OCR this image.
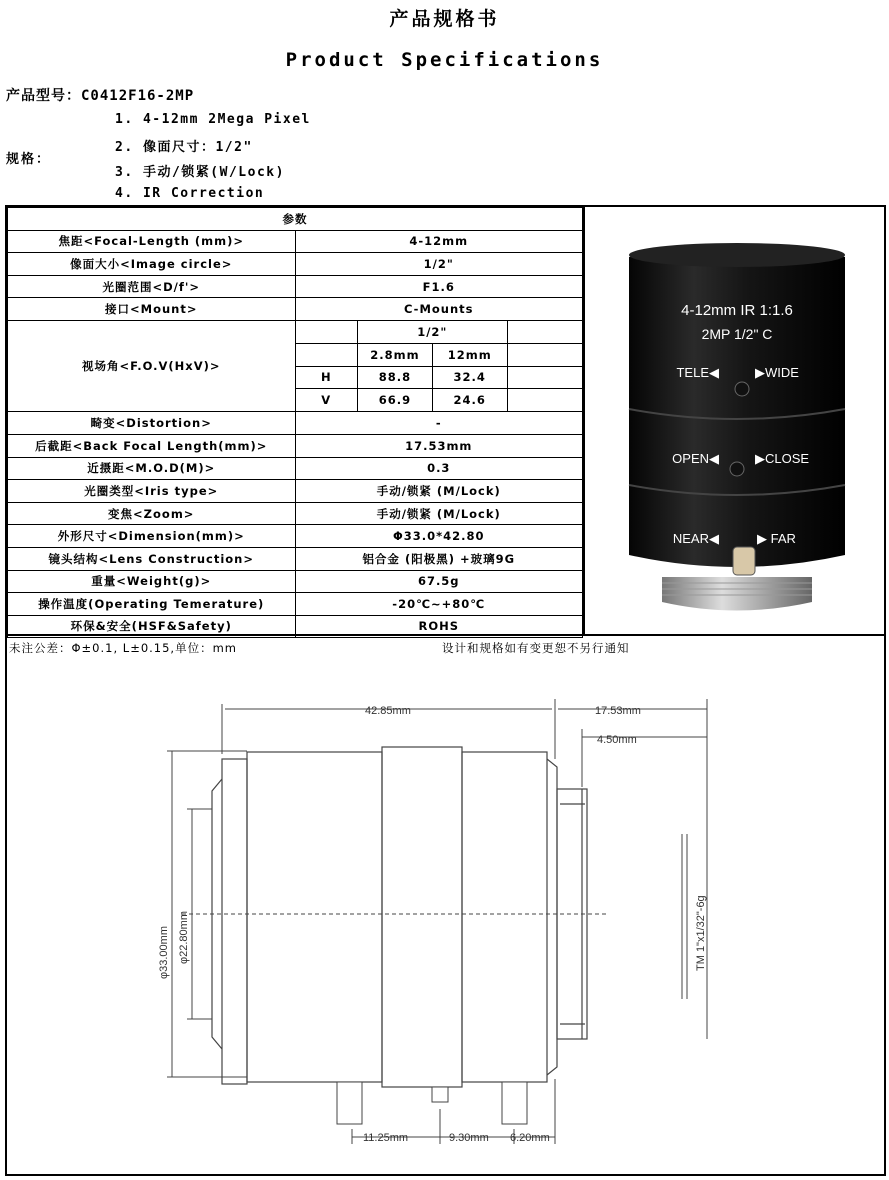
产品规格书
Product Specifications
产品型号：C0412F16-2MP
规格：
1. 4-12mm 2Mega Pixel
2. 像面尺寸：1/2"
3. 手动/锁紧(W/Lock)
4. IR Correction
参数
焦距<Focal-Length (mm)>	4-12mm
像面大小<Image circle>	1/2"
光圈范围<D/f'>	F1.6
接口<Mount>	C-Mounts
视场角<F.O.V(HxV)>	
	1/2"	
	2.8mm	12mm	
H	88.8	32.4	
V	66.9	24.6	

畸变<Distortion>	-
后截距<Back Focal Length(mm)>	17.53mm
近摄距<M.O.D(M)>	0.3
光圈类型<Iris type>	手动/锁紧 (M/Lock)
变焦<Zoom>	手动/锁紧 (M/Lock)
外形尺寸<Dimension(mm)>	Φ33.0*42.80
镜头结构<Lens Construction>	铝合金 (阳极黑) +玻璃9G
重量<Weight(g)>	67.5g
操作温度(Operating Temerature)	-20℃~+80℃
环保&安全(HSF&Safety)	ROHS
4-12mm IR 1:1.6
2MP 1/2" C
TELE◀	▶WIDE
OPEN◀	▶CLOSE
NEAR◀	▶ FAR
未注公差：Φ±0.1, L±0.15,单位：mm	设计和规格如有变更恕不另行通知
42.85mm	17.53mm
4.50mm
φ33.00mm φ22.80mm	TM 1"x1/32"-6g
11.25mm	9.30mm 6.20mm
